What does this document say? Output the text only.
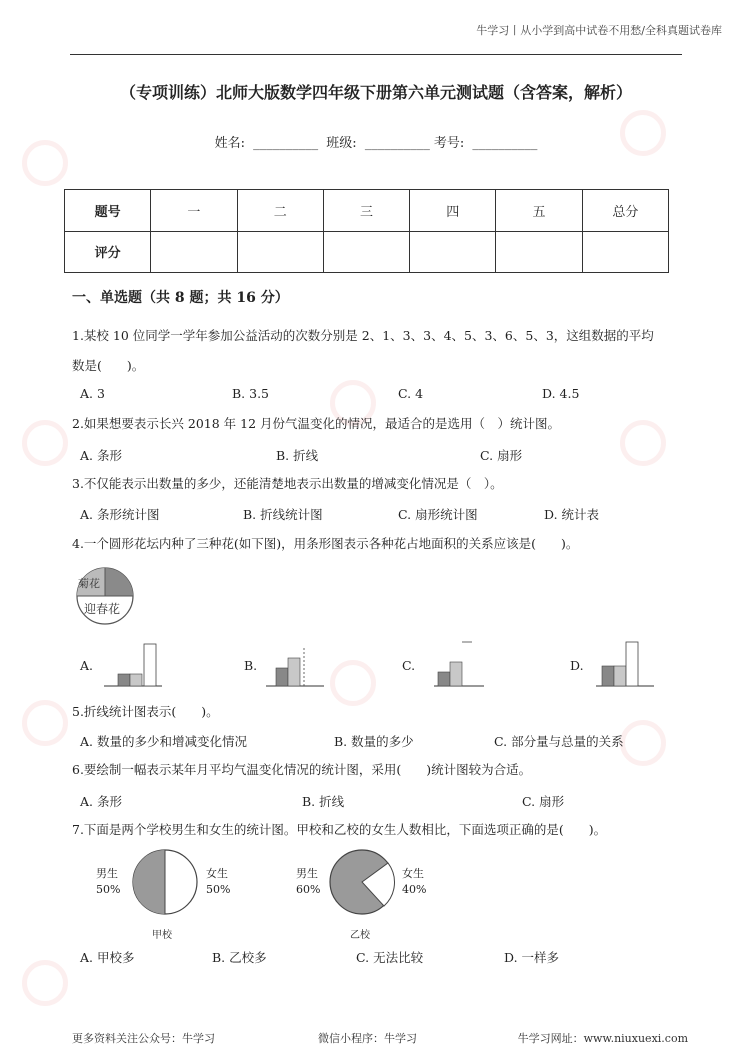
牛学习丨从小学到高中试卷不用愁/全科真题试卷库
（专项训练）北师大版数学四年级下册第六单元测试题（含答案，解析）
姓名: __________ 班级: __________ 考号: __________
题号	一	二	三	四	五	总分
评分						
一、单选题（共 8 题；共 16 分）
1.某校 10 位同学一学年参加公益活动的次数分别是 2、1、3、3、4、5、3、6、5、3，这组数据的平均
数是(　　)。
A. 3	B. 3.5	C. 4	D. 4.5
2.如果想要表示长兴 2018 年 12 月份气温变化的情况，最适合的是选用（　）统计图。
A. 条形	B. 折线	C. 扇形
3.不仅能表示出数量的多少，还能清楚地表示出数量的增减变化情况是（　）。
A. 条形统计图	B. 折线统计图	C. 扇形统计图	D. 统计表
4.一个圆形花坛内种了三种花(如下图)，用条形图表示各种花占地面积的关系应该是(　　)。
菊花
迎春花
A.	B.	C.	D.
5.折线统计图表示(　　)。
A. 数量的多少和增减变化情况	B. 数量的多少	C. 部分量与总量的关系
6.要绘制一幅表示某年月平均气温变化情况的统计图，采用(　　)统计图较为合适。
A. 条形	B. 折线	C. 扇形
7.下面是两个学校男生和女生的统计图。甲校和乙校的女生人数相比，下面选项正确的是(　　)。
男生
50%
女生
50%
甲校
男生
60%
女生
40%
乙校
A. 甲校多	B. 乙校多	C. 无法比较	D. 一样多
更多资料关注公众号：牛学习	微信小程序：牛学习	牛学习网址：www.niuxuexi.com
